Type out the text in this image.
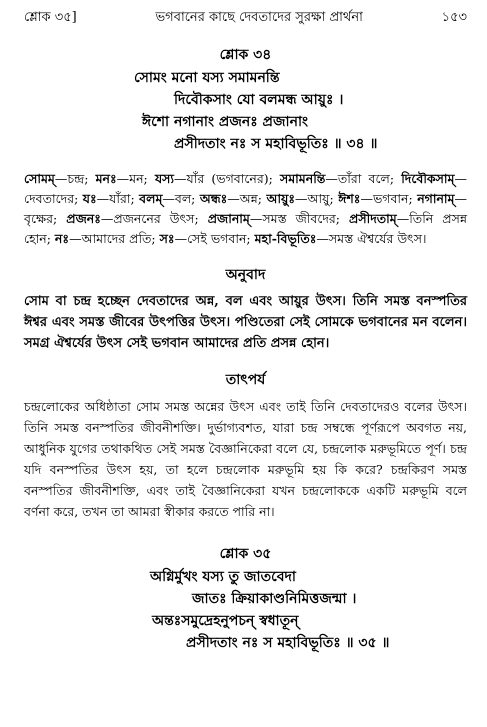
শ্লোক ৩৫]	ভগবানের কাছে দেবতাদের সুরক্ষা প্রার্থনা	১৫৩
শ্লোক ৩৪
সোমং মনো যস্য সমামনন্তি
দিবৌকসাং যো বলমন্ধ আয়ুঃ ।
ঈশো নগানাং প্রজনঃ প্রজানাং
প্রসীদতাং নঃ স মহাবিভূতিঃ ॥ ৩৪ ॥
সোমম্—চন্দ্র; মনঃ—মন; যস্য—যাঁর (ভগবানের); সমামনন্তি—তাঁরা বলে; দিবৌকসাম্—দেবতাদের; যঃ—যাঁরা; বলম্—বল; অন্ধঃ—অন্ন; আয়ুঃ—আয়ু; ঈশঃ—ভগবান; নগানাম্—বৃক্ষের; প্রজনঃ—প্রজননের উৎস; প্রজানাম্—সমস্ত জীবদের; প্রসীদতাম্—তিনি প্রসন্ন হোন; নঃ—আমাদের প্রতি; সঃ—সেই ভগবান; মহা-বিভূতিঃ—সমস্ত ঐশ্বর্যের উৎস।
অনুবাদ
সোম বা চন্দ্র হচ্ছেন দেবতাদের অন্ন, বল এবং আয়ুর উৎস। তিনি সমস্ত বনস্পতির ঈশ্বর এবং সমস্ত জীবের উৎপত্তির উৎস। পণ্ডিতেরা সেই সোমকে ভগবানের মন বলেন। সমগ্র ঐশ্বর্যের উৎস সেই ভগবান আমাদের প্রতি প্রসন্ন হোন।
তাৎপর্য
চন্দ্রলোকের অধিষ্ঠাতা সোম সমস্ত অন্নের উৎস এবং তাই তিনি দেবতাদেরও বলের উৎস। তিনি সমস্ত বনস্পতির জীবনীশক্তি। দুর্ভাগ্যবশত, যারা চন্দ্র সম্বন্ধে পূর্ণরূপে অবগত নয়, আধুনিক যুগের তথাকথিত সেই সমস্ত বৈজ্ঞানিকেরা বলে যে, চন্দ্রলোক মরুভূমিতে পূর্ণ। চন্দ্র যদি বনস্পতির উৎস হয়, তা হলে চন্দ্রলোক মরুভূমি হয় কি করে? চন্দ্রকিরণ সমস্ত বনস্পতির জীবনীশক্তি, এবং তাই বৈজ্ঞানিকেরা যখন চন্দ্রলোককে একটি মরুভূমি বলে বর্ণনা করে, তখন তা আমরা স্বীকার করতে পারি না।
শ্লোক ৩৫
অগ্নির্মুখং যস্য তু জাতবেদা
জাতঃ ক্রিয়াকাণ্ডনিমিত্তজন্মা ।
অন্তঃসমুদ্রেহনুপচন্ স্বধাতূন্
প্রসীদতাং নঃ স মহাবিভূতিঃ ॥ ৩৫ ॥
